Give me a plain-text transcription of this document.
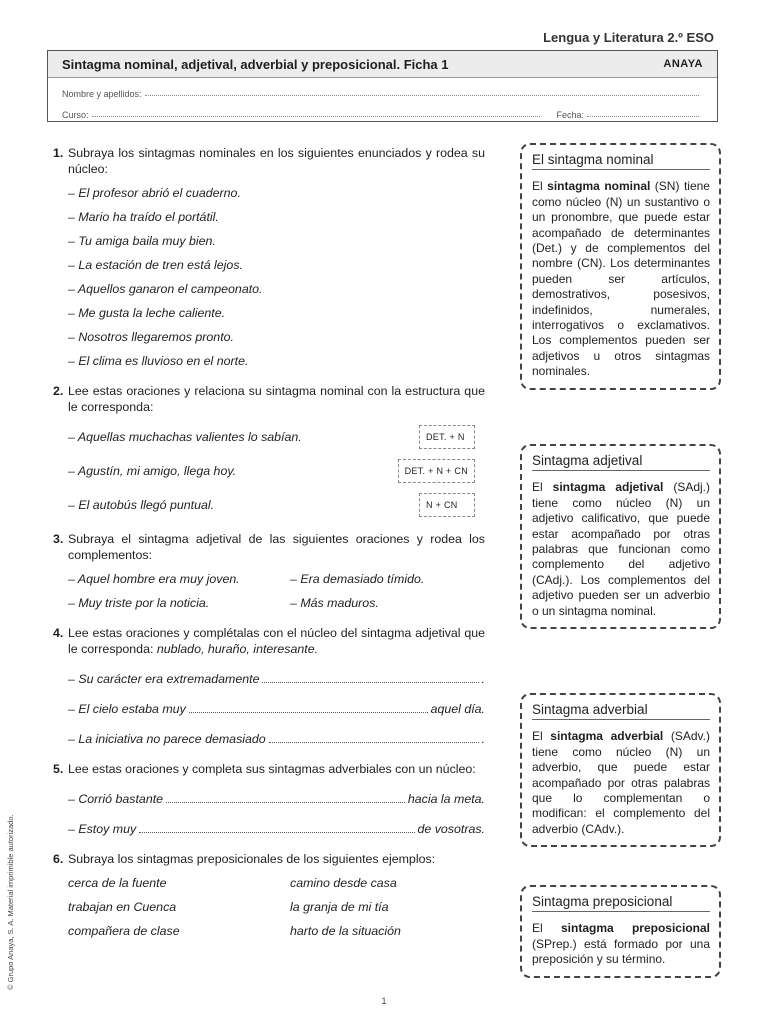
Lengua y Literatura 2.º ESO
Sintagma nominal, adjetival, adverbial y preposicional. Ficha 1	ANAYA
Nombre y apellidos:
Curso:	Fecha:
1. Subraya los sintagmas nominales en los siguientes enunciados y rodea su núcleo:
– El profesor abrió el cuaderno.
– Mario ha traído el portátil.
– Tu amiga baila muy bien.
– La estación de tren está lejos.
– Aquellos ganaron el campeonato.
– Me gusta la leche caliente.
– Nosotros llegaremos pronto.
– El clima es lluvioso en el norte.
2. Lee estas oraciones y relaciona su sintagma nominal con la estructura que le corresponda:
– Aquellas muchachas valientes lo sabían.	DET. + N
– Agustín, mi amigo, llega hoy.	DET. + N + CN
– El autobús llegó puntual.	N + CN
3. Subraya el sintagma adjetival de las siguientes oraciones y rodea los complementos:
– Aquel hombre era muy joven.	– Era demasiado tímido.
– Muy triste por la noticia.	– Más maduros.
4. Lee estas oraciones y complétalas con el núcleo del sintagma adjetival que le corresponda: nublado, huraño, interesante.
– Su carácter era extremadamente	.
– El cielo estaba muy	aquel día.
– La iniciativa no parece demasiado	.
5. Lee estas oraciones y completa sus sintagmas adverbiales con un núcleo:
– Corrió bastante	hacia la meta.
– Estoy muy	de vosotras.
6. Subraya los sintagmas preposicionales de los siguientes ejemplos:
cerca de la fuente	camino desde casa
trabajan en Cuenca	la granja de mi tía
compañera de clase	harto de la situación
El sintagma nominal
El sintagma nominal (SN) tiene como núcleo (N) un sustantivo o un pronombre, que puede estar acompañado de determinantes (Det.) y de complementos del nombre (CN). Los determinantes pueden ser artículos, demostrativos, posesivos, indefinidos, numerales, interrogativos o exclamativos. Los complementos pueden ser adjetivos u otros sintagmas nominales.
Sintagma adjetival
El sintagma adjetival (SAdj.) tiene como núcleo (N) un adjetivo calificativo, que puede estar acompañado por otras palabras que funcionan como complemento del adjetivo (CAdj.). Los complementos del adjetivo pueden ser un adverbio o un sintagma nominal.
Sintagma adverbial
El sintagma adverbial (SAdv.) tiene como núcleo (N) un adverbio, que puede estar acompañado por otras palabras que lo complementan o modifican: el complemento del adverbio (CAdv.).
Sintagma preposicional
El sintagma preposicional (SPrep.) está formado por una preposición y su término.
© Grupo Anaya, S. A. Material imprimible autorizado.
1
